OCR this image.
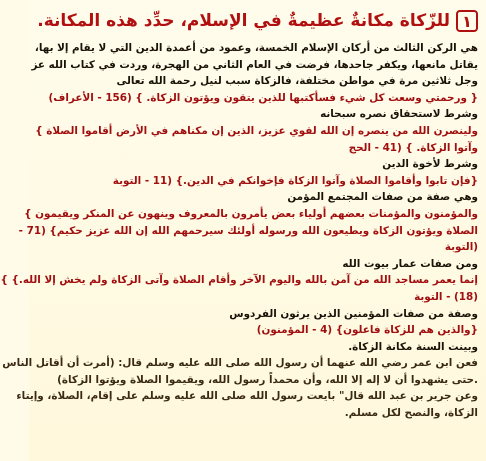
١
للزّكاة مكانةٌ عظيمةٌ في الإسلام، حدِّد هذه المكانة.
هي الركن الثالث من أركان الإسلام الخمسة، وعمود من أعمدة الدين التي لا يقام إلا بها،
يقاتل مانعها، ويكفر جاحدها، فرضت في العام الثاني من الهجرة، وردت في كتاب الله عز
وجل ثلاثين مرة في مواطن مختلفة، فالزكاة سبب لنيل رحمة الله تعالى
{ ورحمتي وسعت كل شيء فسأكتبها للذين يتقون ويؤتون الزكاة. } (156 - الأعراف)
وشرط لاستحقاق نصره سبحانه
ولينصرن الله من ينصره إن الله لقوي عزيز، الذين إن مكناهم في الأرض أقاموا الصلاة }
وآتوا الزكاة. } (41 - الحج
وشرط لأخوة الدين
{فإن تابوا وأقاموا الصلاة وآتوا الزكاة فإخوانكم في الدين.} (11 - التوبة
وهي صفة من صفات المجتمع المؤمن
والمؤمنون والمؤمنات بعضهم أولياء بعض يأمرون بالمعروف وينهون عن المنكر ويقيمون }
الصلاة ويؤتون الزكاة ويطيعون الله ورسوله أولئك سيرحمهم الله إن الله عزيز حكيم} (71 -
(التوبة
ومن صفات عمار بيوت الله
إنما يعمر مساجد الله من آمن بالله واليوم الآخر وأقام الصلاة وآتى الزكاة ولم يخش إلا الله.} }
(18) - التوبة
وصفة من صفات المؤمنين الذين يرثون الفردوس
{والذين هم للزكاة فاعلون} (4 - المؤمنون)
وبينت السنة مكانة الزكاة.
فعن ابن عمر رضي الله عنهما أن رسول الله صلى الله عليه وسلم قال: (أمرت أن أقاتل الناس
.حتى يشهدوا أن لا إله إلا الله، وأن محمداً رسول الله، ويقيموا الصلاة ويؤتوا الزكاة)
وعن جرير بن عبد الله قال" بايعت رسول الله صلى الله عليه وسلم على إقام، الصلاة، وإيتاء
الزكاة، والنصح لكل مسلم.
